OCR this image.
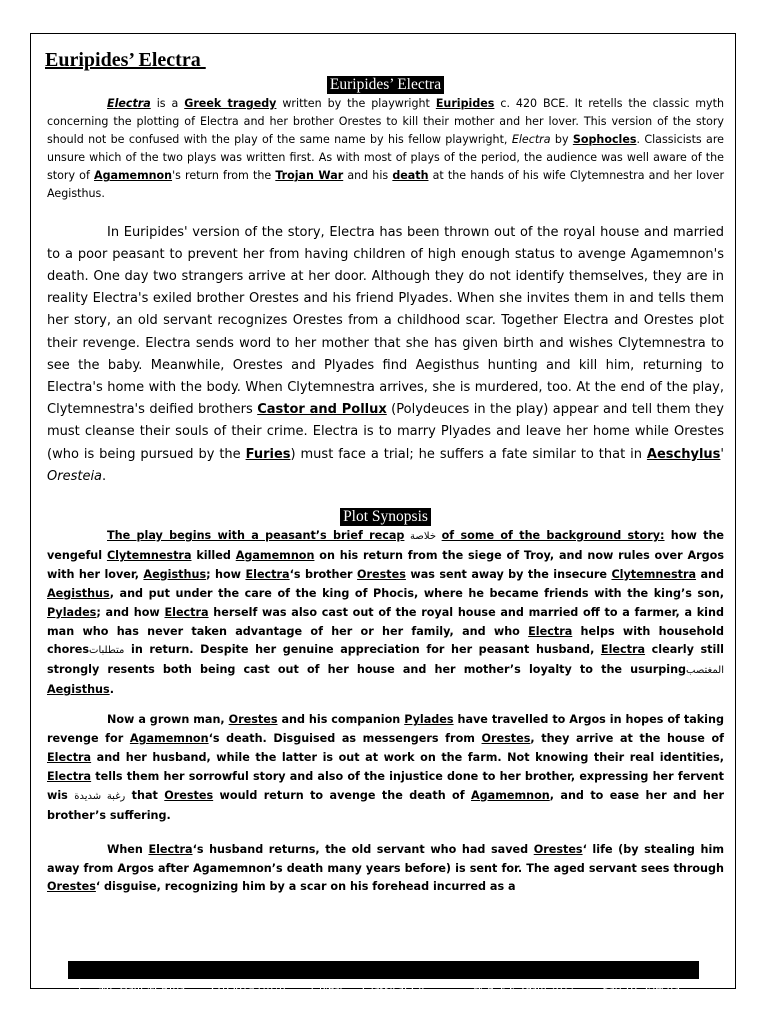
Euripides’ Electra
Euripides’ Electra

Electra is a Greek tragedy written by the playwright Euripides c. 420 BCE. It retells the classic myth concerning the plotting of Electra and her brother Orestes to kill their mother and her lover. This version of the story should not be confused with the play of the same name by his fellow playwright, Electra by Sophocles. Classicists are unsure which of the two plays was written first. As with most of plays of the period, the audience was well aware of the story of Agamemnon's return from the Trojan War and his death at the hands of his wife Clytemnestra and her lover Aegisthus.

In Euripides' version of the story, Electra has been thrown out of the royal house and married to a poor peasant to prevent her from having children of high enough status to avenge Agamemnon's death. One day two strangers arrive at her door. Although they do not identify themselves, they are in reality Electra's exiled brother Orestes and his friend Plyades. When she invites them in and tells them her story, an old servant recognizes Orestes from a childhood scar. Together Electra and Orestes plot their revenge. Electra sends word to her mother that she has given birth and wishes Clytemnestra to see the baby. Meanwhile, Orestes and Plyades find Aegisthus hunting and kill him, returning to Electra's home with the body. When Clytemnestra arrives, she is murdered, too. At the end of the play, Clytemnestra's deified brothers Castor and Pollux (Polydeuces in the play) appear and tell them they must cleanse their souls of their crime. Electra is to marry Plyades and leave her home while Orestes (who is being pursued by the Furies) must face a trial; he suffers a fate similar to that in Aeschylus' Oresteia.

Plot Synopsis

The play begins with a peasant’s brief recap خلاصة of some of the background story: how the vengeful Clytemnestra killed Agamemnon on his return from the siege of Troy, and now rules over Argos with her lover, Aegisthus; how Electra‘s brother Orestes was sent away by the insecure Clytemnestra and Aegisthus, and put under the care of the king of Phocis, where he became friends with the king’s son, Pylades; and how Electra herself was also cast out of the royal house and married off to a farmer, a kind man who has never taken advantage of her or her family, and who Electra helps with household choresمتطلبات in return. Despite her genuine appreciation for her peasant husband, Electra clearly still strongly resents both being cast out of her house and her mother’s loyalty to the usurpingالمغتصب Aegisthus.

Now a grown man, Orestes and his companion Pylades have travelled to Argos in hopes of taking revenge for Agamemnon‘s death. Disguised as messengers from Orestes, they arrive at the house of Electra and her husband, while the latter is out at work on the farm. Not knowing their real identities, Electra tells them her sorrowful story and also of the injustice done to her brother, expressing her fervent wis رغبة شديدة that Orestes would return to avenge the death of Agamemnon, and to ease her and her brother’s suffering.

When Electra‘s husband returns, the old servant who had saved Orestes‘ life (by stealing him away from Argos after Agamemnon’s death many years before) is sent for. The aged servant sees through Orestes‘ disguise, recognizing him by a scar on his forehead incurred as a

1 Mr. Hani M Attia O1O61932878 3rd year Classical Lit	W.A.V.E Team 2022 Part III: Electra
